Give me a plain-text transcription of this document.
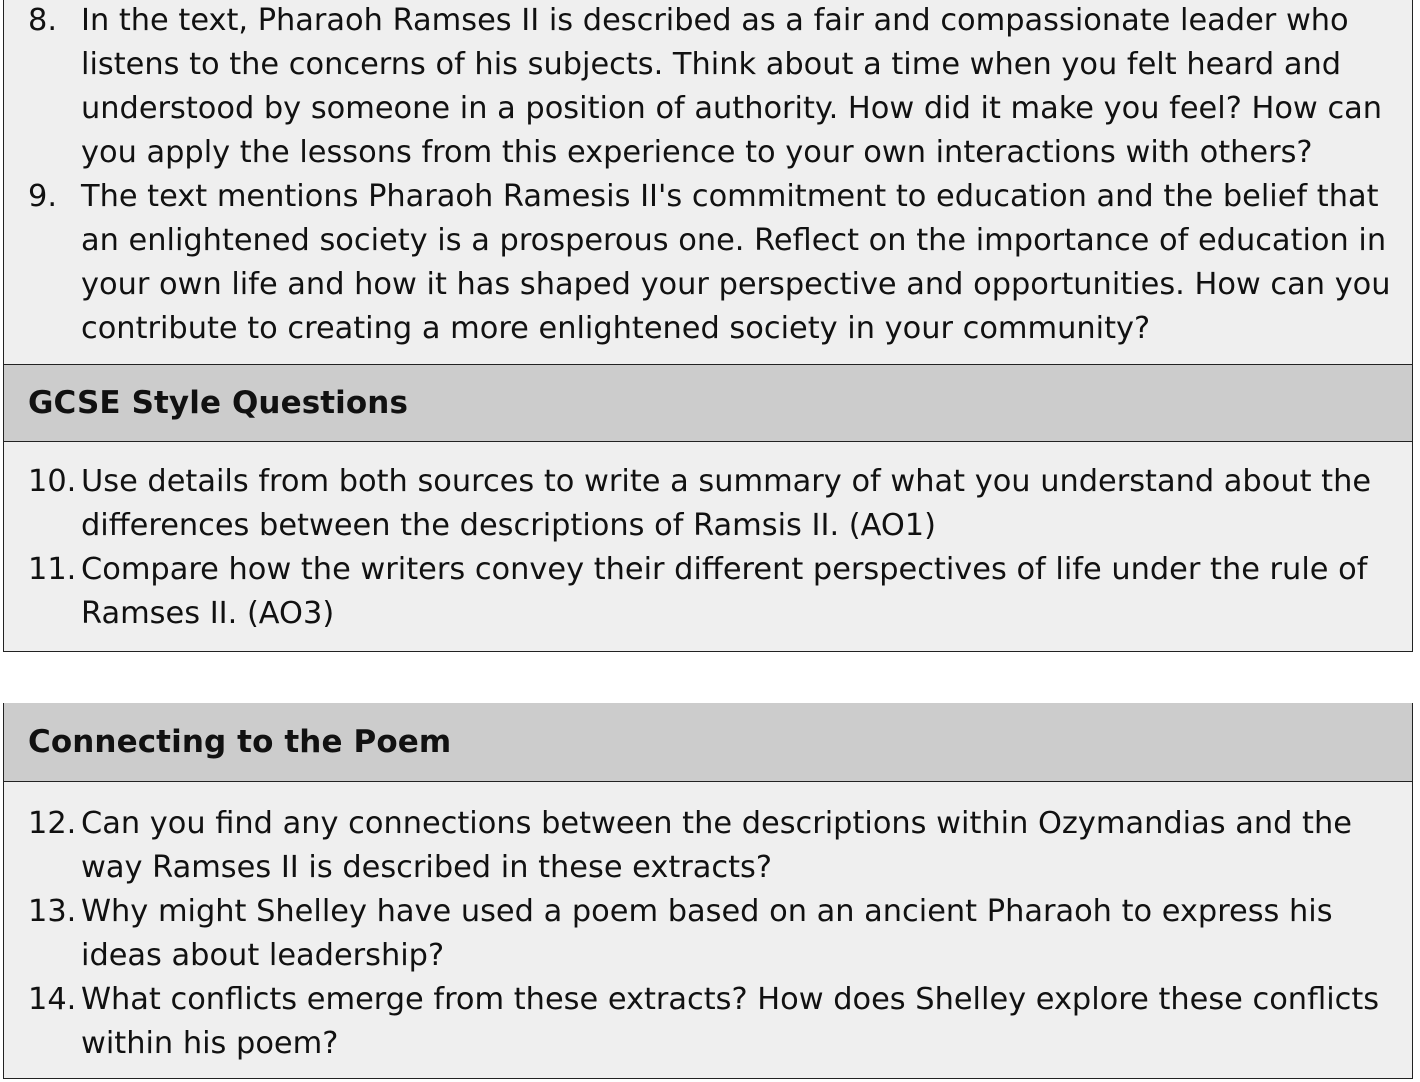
8. In the text, Pharaoh Ramses II is described as a fair and compassionate leader who listens to the concerns of his subjects. Think about a time when you felt heard and understood by someone in a position of authority. How did it make you feel? How can you apply the lessons from this experience to your own interactions with others?
9. The text mentions Pharaoh Ramesis II's commitment to education and the belief that an enlightened society is a prosperous one. Reflect on the importance of education in your own life and how it has shaped your perspective and opportunities. How can you contribute to creating a more enlightened society in your community?
GCSE Style Questions
10. Use details from both sources to write a summary of what you understand about the differences between the descriptions of Ramsis II. (AO1)
11. Compare how the writers convey their different perspectives of life under the rule of Ramses II. (AO3)
Connecting to the Poem
12. Can you find any connections between the descriptions within Ozymandias and the way Ramses II is described in these extracts?
13. Why might Shelley have used a poem based on an ancient Pharaoh to express his ideas about leadership?
14. What conflicts emerge from these extracts? How does Shelley explore these conflicts within his poem?
